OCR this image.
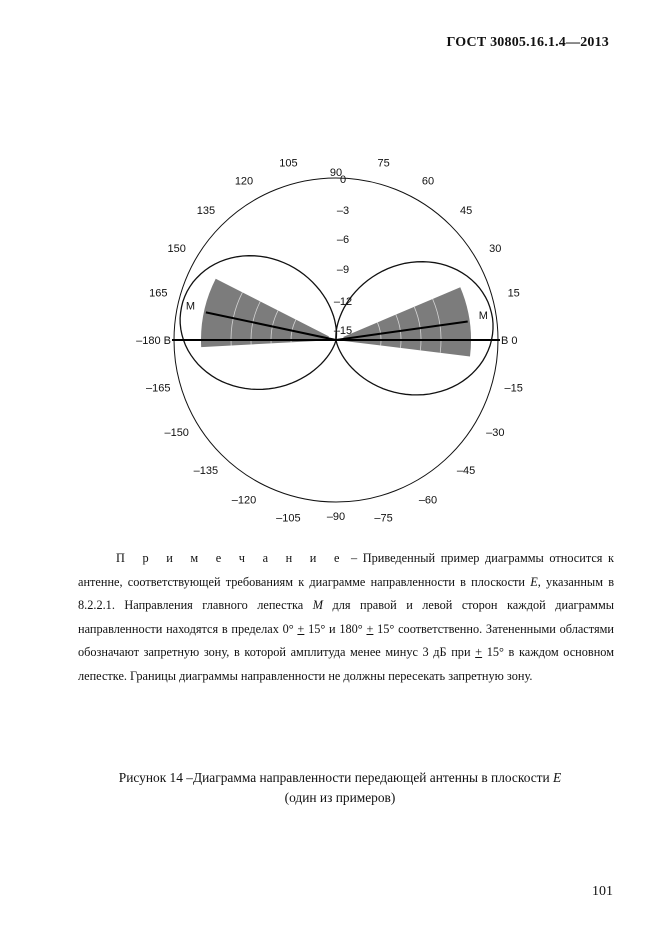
ГОСТ 30805.16.1.4—2013
0
–3
–6
–9
–12
–15
В 0
15
30
45
60
75
90
105
120
135
150
165
–180 В
–165
–150
–135
–120
–105 –90	–75
–60
–45
–30
–15
М
М

П р и м е ч а н и е – Приведенный пример диаграммы относится к антенне, соответствующей требованиям к диаграмме направленности в плоскости E, указанным в 8.2.2.1. Направления главного лепестка M для правой и левой сторон каждой диаграммы направленности находятся в пределах 0° + 15° и 180° + 15° соответственно. Затененными областями обозначают запретную зону, в которой амплитуда менее минус 3 дБ при + 15° в каждом основном лепестке. Границы диаграммы направленности не должны пересекать запретную зону.

Рисунок 14 –Диаграмма направленности передающей антенны в плоскости E
(один из примеров)
101
